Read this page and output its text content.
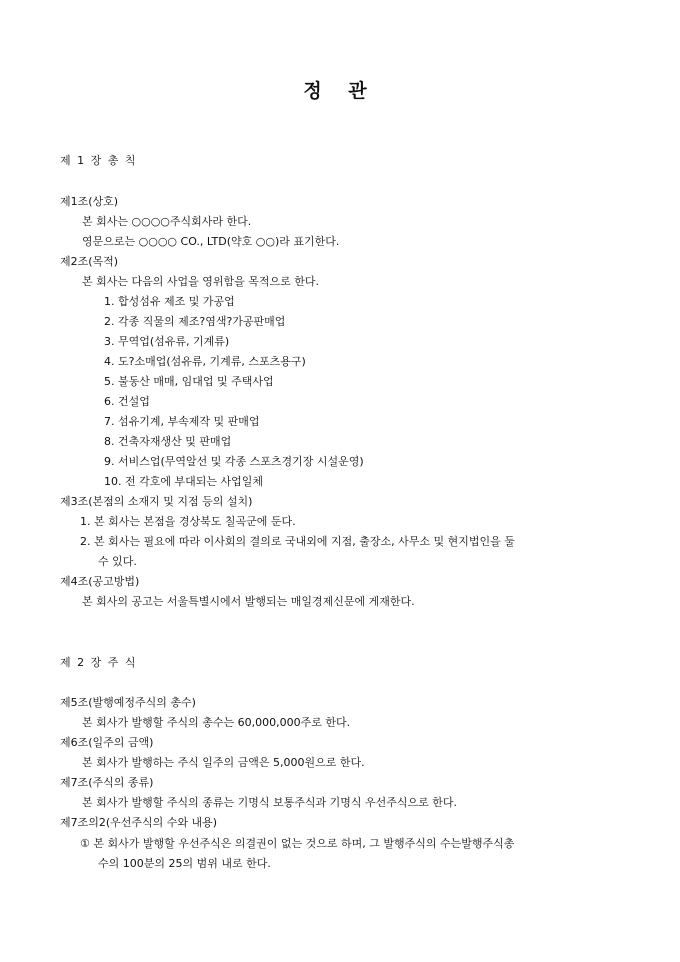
정 관
제 1 장 총 칙
제1조(상호)
본 회사는 ○○○○주식회사라 한다.
영문으로는 ○○○○ CO., LTD(약호 ○○)라 표기한다.
제2조(목적)
본 회사는 다음의 사업을 영위함을 목적으로 한다.
1. 합성섬유 제조 및 가공업
2. 각종 직물의 제조?염색?가공판매업
3. 무역업(섬유류, 기계류)
4. 도?소매업(섬유류, 기계류, 스포츠용구)
5. 불동산 매매, 임대업 및 주택사업
6. 건설업
7. 섬유기계, 부속제작 및 판매업
8. 건축자재생산 및 판매업
9. 서비스업(무역알선 및 각종 스포츠경기장 시설운영)
10. 전 각호에 부대되는 사업일체
제3조(본점의 소재지 및 지점 등의 설치)
1. 본 회사는 본점을 경상북도 칠곡군에 둔다.
2. 본 회사는 필요에 따라 이사회의 결의로 국내외에 지점, 출장소, 사무소 및 현지법인을 둘
수 있다.
제4조(공고방법)
본 회사의 공고는 서울특별시에서 발행되는 매일경제신문에 게재한다.
제 2 장 주 식
제5조(발행예정주식의 총수)
본 회사가 발행할 주식의 총수는 60,000,000주로 한다.
제6조(일주의 금액)
본 회사가 발행하는 주식 일주의 금액은 5,000원으로 한다.
제7조(주식의 종류)
본 회사가 발행할 주식의 종류는 기명식 보통주식과 기명식 우선주식으로 한다.
제7조의2(우선주식의 수와 내용)
① 본 회사가 발행할 우선주식은 의결권이 없는 것으로 하며, 그 발행주식의 수는발행주식총
수의 100분의 25의 범위 내로 한다.
